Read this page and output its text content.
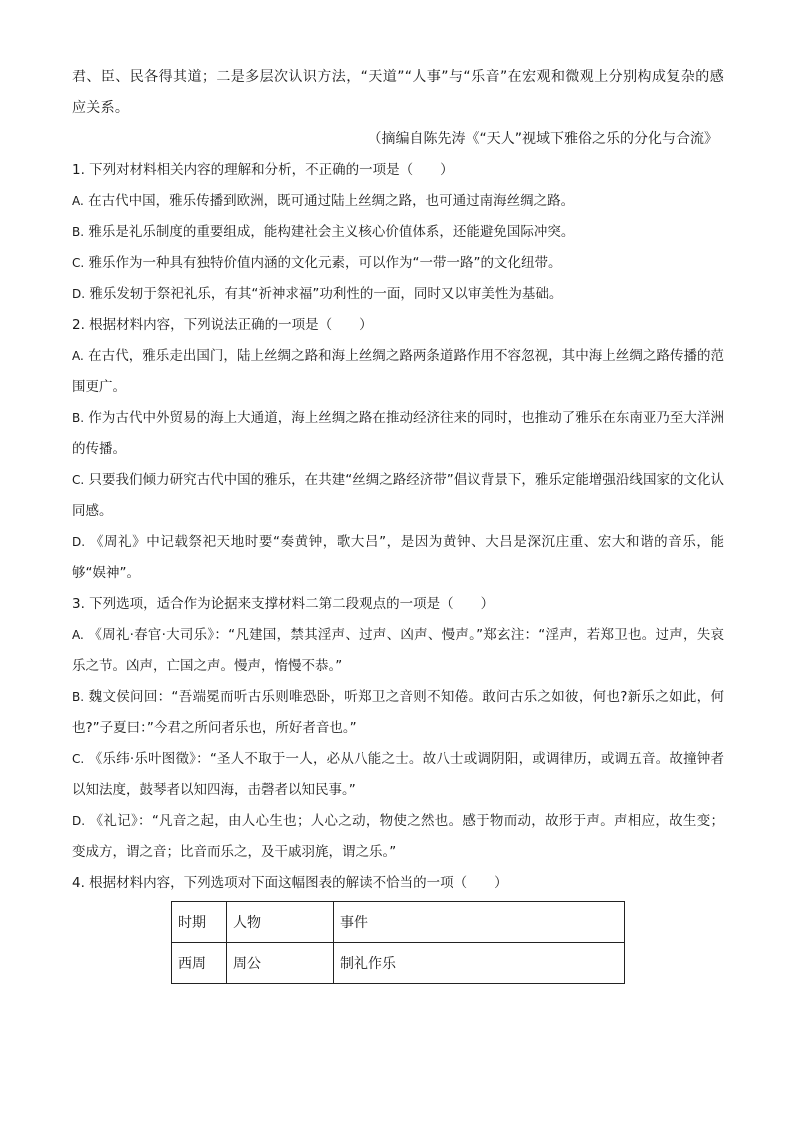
君、臣、民各得其道；二是多层次认识方法，“天道”“人事”与“乐音”在宏观和微观上分别构成复杂的感应关系。

（摘编自陈先涛《“天人”视域下雅俗之乐的分化与合流》

1. 下列对材料相关内容的理解和分析，不正确的一项是（　　）

A. 在古代中国，雅乐传播到欧洲，既可通过陆上丝绸之路，也可通过南海丝绸之路。

B. 雅乐是礼乐制度的重要组成，能构建社会主义核心价值体系，还能避免国际冲突。

C. 雅乐作为一种具有独特价值内涵的文化元素，可以作为“一带一路”的文化纽带。

D. 雅乐发轫于祭祀礼乐，有其“祈神求福”功利性的一面，同时又以审美性为基础。

2. 根据材料内容，下列说法正确的一项是（　　）

A. 在古代，雅乐走出国门，陆上丝绸之路和海上丝绸之路两条道路作用不容忽视，其中海上丝绸之路传播的范围更广。

B. 作为古代中外贸易的海上大通道，海上丝绸之路在推动经济往来的同时，也推动了雅乐在东南亚乃至大洋洲的传播。

C. 只要我们倾力研究古代中国的雅乐，在共建“丝绸之路经济带”倡议背景下，雅乐定能增强沿线国家的文化认同感。

D. 《周礼》中记载祭祀天地时要“奏黄钟，歌大吕”，是因为黄钟、大吕是深沉庄重、宏大和谐的音乐，能够“娱神”。

3. 下列选项，适合作为论据来支撑材料二第二段观点的一项是（　　）

A. 《周礼·春官·大司乐》：“凡建国，禁其淫声、过声、凶声、慢声。”郑玄注：“淫声，若郑卫也。过声，失哀乐之节。凶声，亡国之声。慢声，惰慢不恭。”

B. 魏文侯问回：“吾端冕而听古乐则唯恐卧，听郑卫之音则不知倦。敢问古乐之如彼，何也?新乐之如此，何也?”子夏曰：”今君之所问者乐也，所好者音也。”

C. 《乐纬·乐叶图徵》：“圣人不取于一人，必从八能之士。故八士或调阴阳，或调律历，或调五音。故撞钟者以知法度，鼓琴者以知四海，击磬者以知民事。”

D. 《礼记》：“凡音之起，由人心生也；人心之动，物使之然也。感于物而动，故形于声。声相应，故生变；变成方，谓之音；比音而乐之，及干戚羽旄，谓之乐。”

4. 根据材料内容，下列选项对下面这幅图表的解读不恰当的一项（　　）

时期	人物	事件
西周	周公	制礼作乐
